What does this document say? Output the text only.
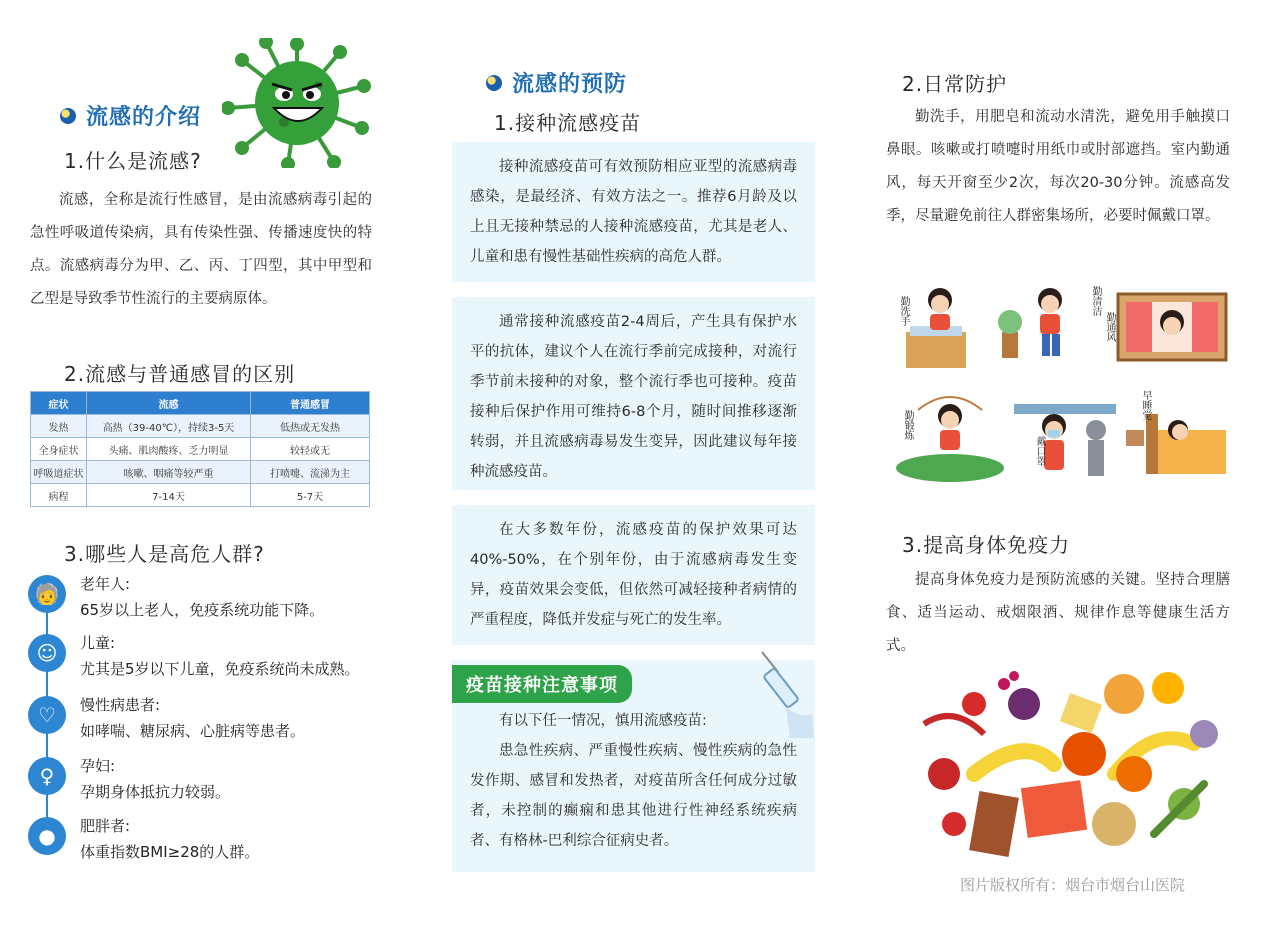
流感的介绍
1.什么是流感?

流感，全称是流行性感冒，是由流感病毒引起的急性呼吸道传染病，具有传染性强、传播速度快的特点。流感病毒分为甲、乙、丙、丁四型，其中甲型和乙型是导致季节性流行的主要病原体。

2.流感与普通感冒的区别
症状	流感	普通感冒
发热	高热（39-40℃），持续3-5天	低热或无发热
全身症状	头痛、肌肉酸疼、乏力明显	较轻或无
呼吸道症状	咳嗽、咽痛等较严重	打喷嚏、流涕为主
病程	7-14天	5-7天
3.哪些人是高危人群?
🧓	老年人:
65岁以上老人，免疫系统功能下降。
☺	儿童:
尤其是5岁以下儿童，免疫系统尚未成熟。
♡	慢性病患者:
如哮喘、糖尿病、心脏病等患者。
♀	孕妇:
孕期身体抵抗力较弱。
●	肥胖者:
体重指数BMI≥28的人群。
流感的预防
1.接种流感疫苗

接种流感疫苗可有效预防相应亚型的流感病毒感染，是最经济、有效方法之一。推荐6月龄及以上且无接种禁忌的人接种流感疫苗，尤其是老人、儿童和患有慢性基础性疾病的高危人群。

通常接种流感疫苗2-4周后，产生具有保护水平的抗体，建议个人在流行季前完成接种，对流行季节前未接种的对象，整个流行季也可接种。疫苗接种后保护作用可维持6-8个月，随时间推移逐渐转弱，并且流感病毒易发生变异，因此建议每年接种流感疫苗。

在大多数年份，流感疫苗的保护效果可达40%-50%，在个别年份，由于流感病毒发生变异，疫苗效果会变低，但依然可减轻接种者病情的严重程度，降低并发症与死亡的发生率。

有以下任一情况，慎用流感疫苗:

患急性疾病、严重慢性疾病、慢性疾病的急性发作期、感冒和发热者，对疫苗所含任何成分过敏者，未控制的癫痫和患其他进行性神经系统疾病者、有格林-巴利综合征病史者。

疫苗接种注意事项
2.日常防护

勤洗手，用肥皂和流动水清洗，避免用手触摸口鼻眼。咳嗽或打喷嚏时用纸巾或肘部遮挡。室内勤通风，每天开窗至少2次，每次20-30分钟。流感高发季，尽量避免前往人群密集场所，必要时佩戴口罩。

勤洗手	勤清洁
勤通风
勤锻炼
戴口罩
早睡觉
3.提高身体免疫力

提高身体免疫力是预防流感的关键。坚持合理膳食、适当运动、戒烟限酒、规律作息等健康生活方式。

图片版权所有：烟台市烟台山医院
